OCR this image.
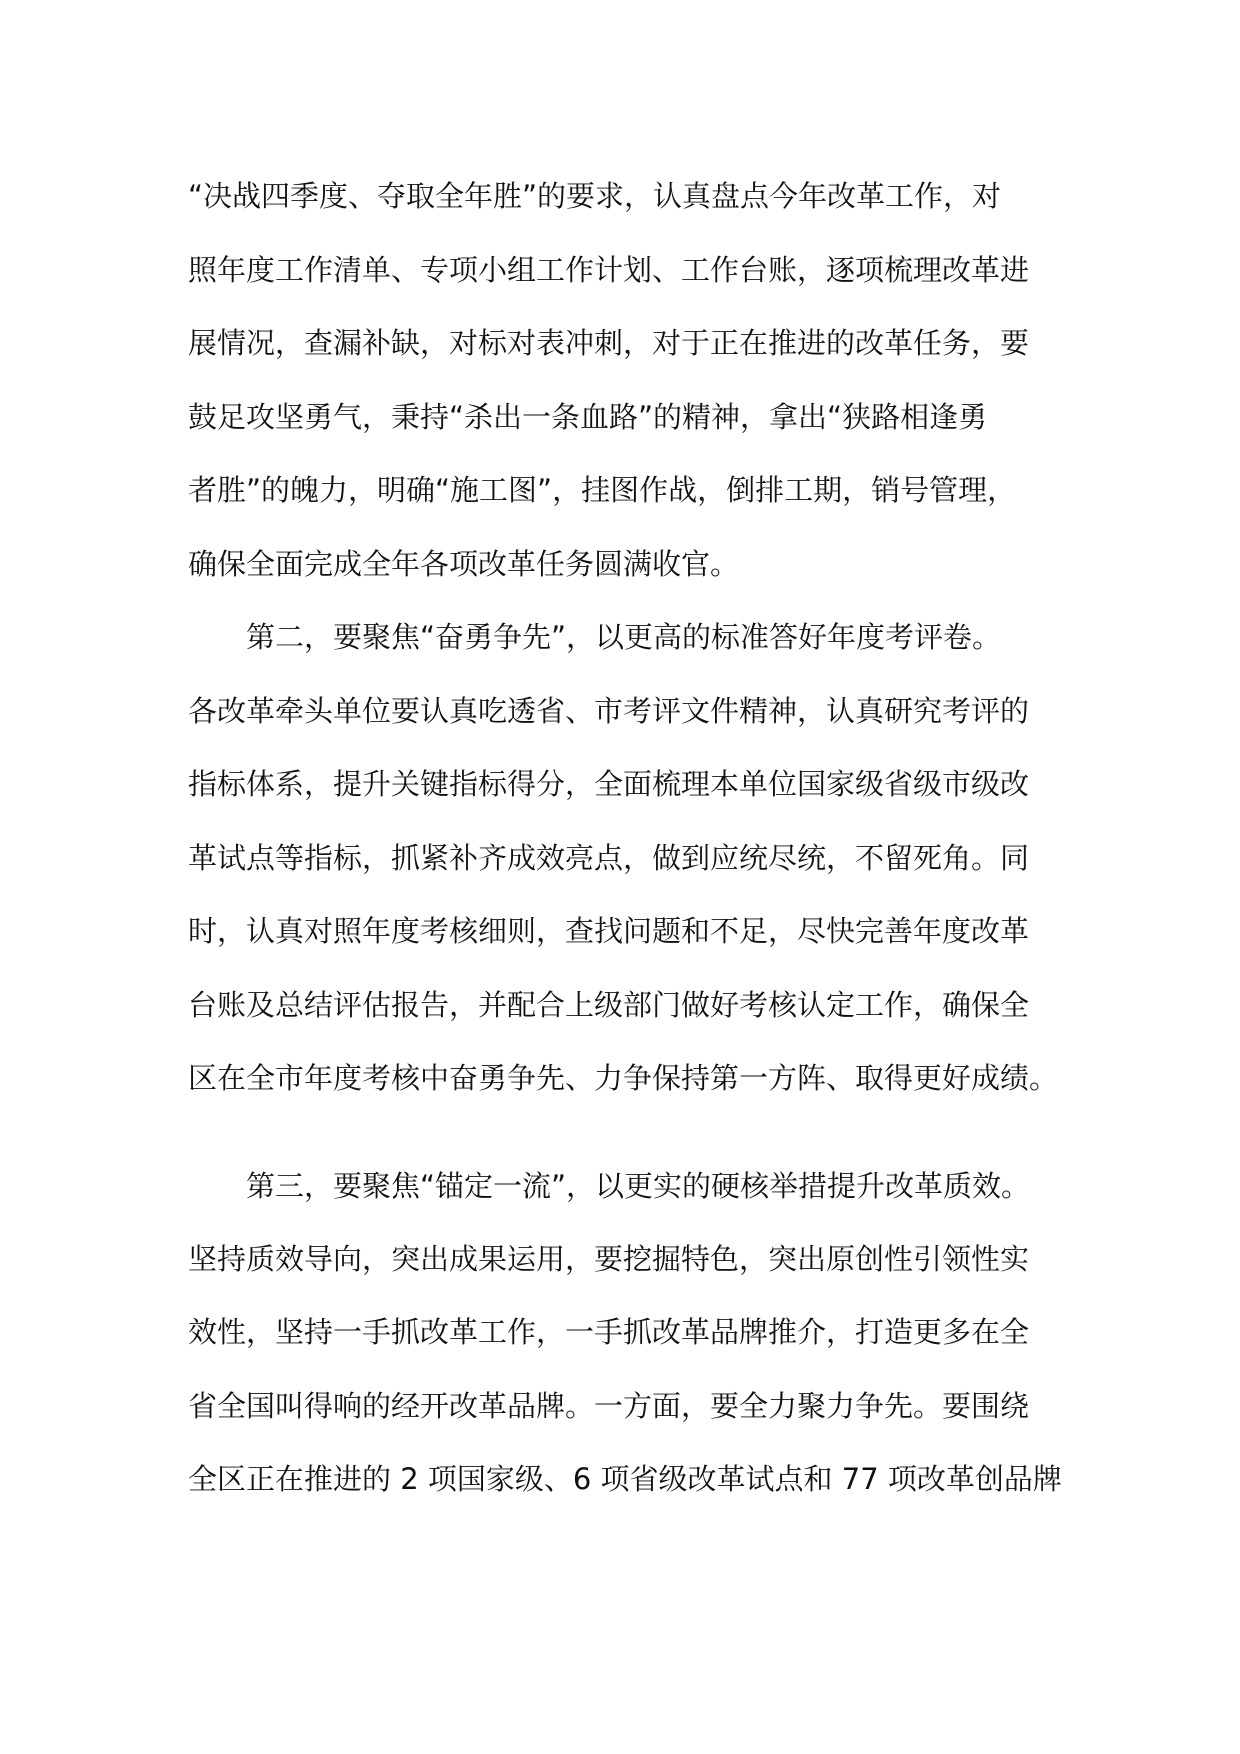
“决战四季度、夺取全年胜”的要求，认真盘点今年改革工作，对
照年度工作清单、专项小组工作计划、工作台账，逐项梳理改革进
展情况，查漏补缺，对标对表冲刺，对于正在推进的改革任务，要
鼓足攻坚勇气，秉持“杀出一条血路”的精神，拿出“狭路相逢勇
者胜”的魄力，明确“施工图”，挂图作战，倒排工期，销号管理，
确保全面完成全年各项改革任务圆满收官。
第二，要聚焦“奋勇争先”，以更高的标准答好年度考评卷。
各改革牵头单位要认真吃透省、市考评文件精神，认真研究考评的
指标体系，提升关键指标得分，全面梳理本单位国家级省级市级改
革试点等指标，抓紧补齐成效亮点，做到应统尽统，不留死角。同
时，认真对照年度考核细则，查找问题和不足，尽快完善年度改革
台账及总结评估报告，并配合上级部门做好考核认定工作，确保全
区在全市年度考核中奋勇争先、力争保持第一方阵、取得更好成绩。
第三，要聚焦“锚定一流”，以更实的硬核举措提升改革质效。
坚持质效导向，突出成果运用，要挖掘特色，突出原创性引领性实
效性，坚持一手抓改革工作，一手抓改革品牌推介，打造更多在全
省全国叫得响的经开改革品牌。一方面，要全力聚力争先。要围绕
全区正在推进的 2 项国家级、6 项省级改革试点和 77 项改革创品牌
